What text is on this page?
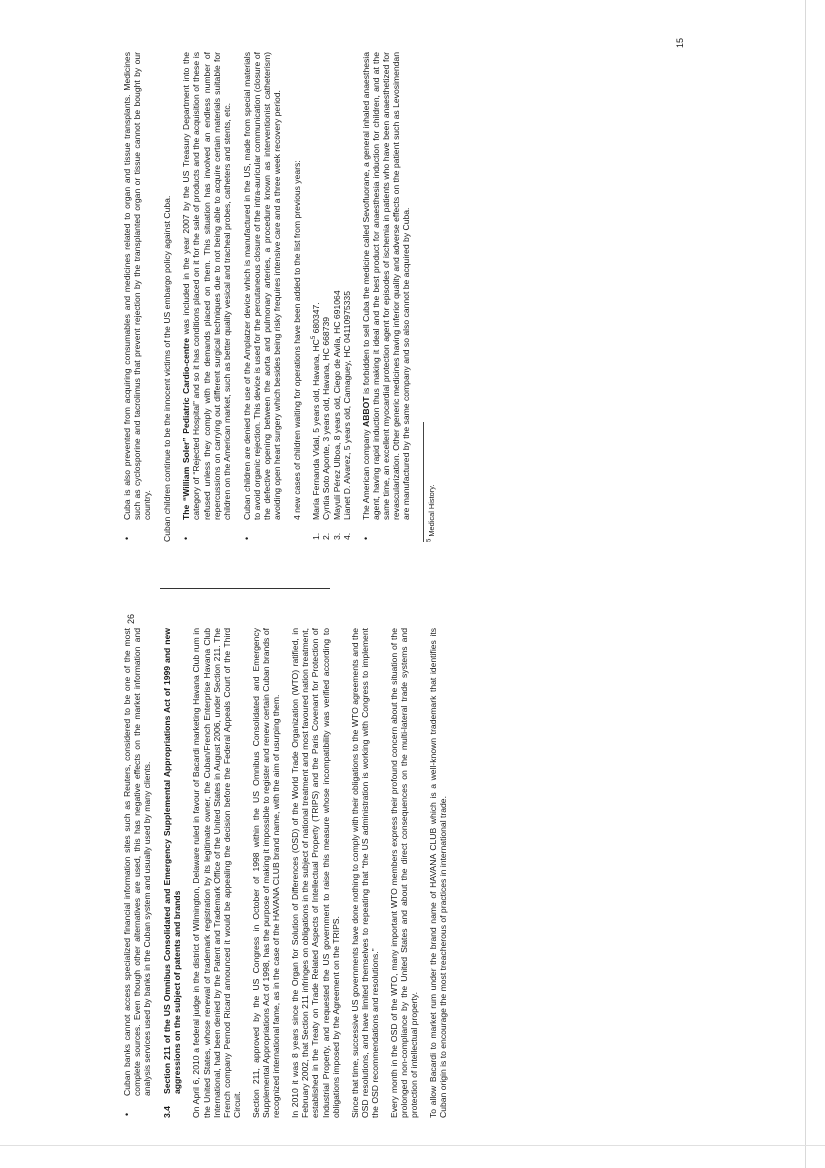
•
Cuba is also prevented from acquiring consumables and medicines related to organ and tissue transplants. Medicines such as cyclosporine and tacrolimus that prevent rejection by the transplanted organ or tissue cannot be bought by our country. Cuban children continue to be the innocent victims of the US embargo policy against Cuba. •
The “William Soler” Pediatric Cardio-centre was included in the year 2007 by the US Treasury Department into the category of “Rejected Hospital” and so it has conditions placed on it for the sale of products and the acquisition of these is refused unless they comply with the demands placed on them. This situation has involved an endless number of repercussions on carrying out different surgical techniques due to not being able to acquire certain materials suitable for children on the American market, such as better quality vesical and tracheal probes, catheters and stents, etc.
•
Cuban children are denied the use of the Amplatzer device which is manufactured in the US, made from special materials to avoid organic rejection. This device is used for the percutaneous closure of the intra-auricular communication (closure of the defective opening between the aorta and pulmonary arteries, a procedure known as interventionist catheterism) avoiding open heart surgery which besides being risky frequires intensive care and a three week recovery period. 4 new cases of children waiting for operations have been added to the list from previous years:

1.
María Fernanda Vidal, 5 years old, Havana, $HC^5$ 680347.
2.
Cyntia Soto Aponte, 3 years old, Havana, HC 668739
3.
Mayulí Pérez Ulboa, 8 years old, Ciego de Avila, HC 691064
4.
Lianet D. Alvarez, 5 years old, Camaguey, HC 04110975335
•
The American company ABBOT is forbidden to sell Cuba the medicine called Sevofluorane, a general inhaled anaesthesia agent, having rapid induction thus making it ideal and the best product for anaesthesia induction for children, and at the same time, an excellent myocardial protection agent for episodes of ischemia in patients who have been anaesthetized for revascularization. Other generic medicines having inferior quality and adverse effects on the patient such as Levosimendan are manufactured by the same company and so also cannot be acquired by Cuba.
$^5$ Medical History.
15
•
Cuban banks cannot access specialized financial information sites such as Reuters, considered to be one of the most complete sources. Even though other alternatives are used, this has negative effects on the market information and analysis services used by banks in the Cuban system and usually used by many clients.
3.4
Section 211 of the US Omnibus Consolidated and Emergency Supplemental Appropriations Act of 1999 and new aggressions on the subject of patents and brands On April 6, 2010 a federal judge in the district of Wilmington, Delaware ruled in favour of Bacardi marketing Havana Club rum in the United States, whose renewal of trademark registration by its legitimate owner, the Cuban/French Enterprise Havana Club International, had been denied by the Patent and Trademark Office of the United States in August 2006, under Section 211. The French company Pernod Ricard announced it would be appealing the decision before the Federal Appeals Court of the Third Circuit. Section 211, approved by the US Congress in October of 1998 within the US Omnibus Consolidated and Emergency Supplemental Appropriations Act of 1998, has the purpose of making it impossible to register and renew certain Cuban brands of recognized international fame, as in the case of the HAVANA CLUB brand name, with the aim of usurping them. In 2010 it was 8 years since the Organ for Solution of Differences (OSD) of the World Trade Organization (WTO) ratified, in February 2002, that Section 211 infringes on obligations in the subject of national treatment and most favoured nation treatment, established in the Treaty on Trade Related Aspects of Intellectual Property (TRIPS) and the Paris Covenant for Protection of Industrial Property, and requested the US government to raise this measure whose incompatibility was verified according to obligations imposed by the Agreement on the TRIPS. Since that time, successive US governments have done nothing to comply with their obligations to the WTO agreements and the OSD resolutions, and have limited themselves to repeating that “the US administration is working with Congress to implement the OSD recommendations and resolutions.” Every month in the OSD of the WTO, many important WTO members express their profound concern about the situation of the prolonged non-compliance by the United States and about the direct consequences on the multi-lateral trade systems and protection of intellectual property. To allow Bacardi to market rum under the brand name of HAVANA CLUB which is a well-known trademark that identifies its Cuban origin is to encourage the most treacherous of practices in international trade.

26
